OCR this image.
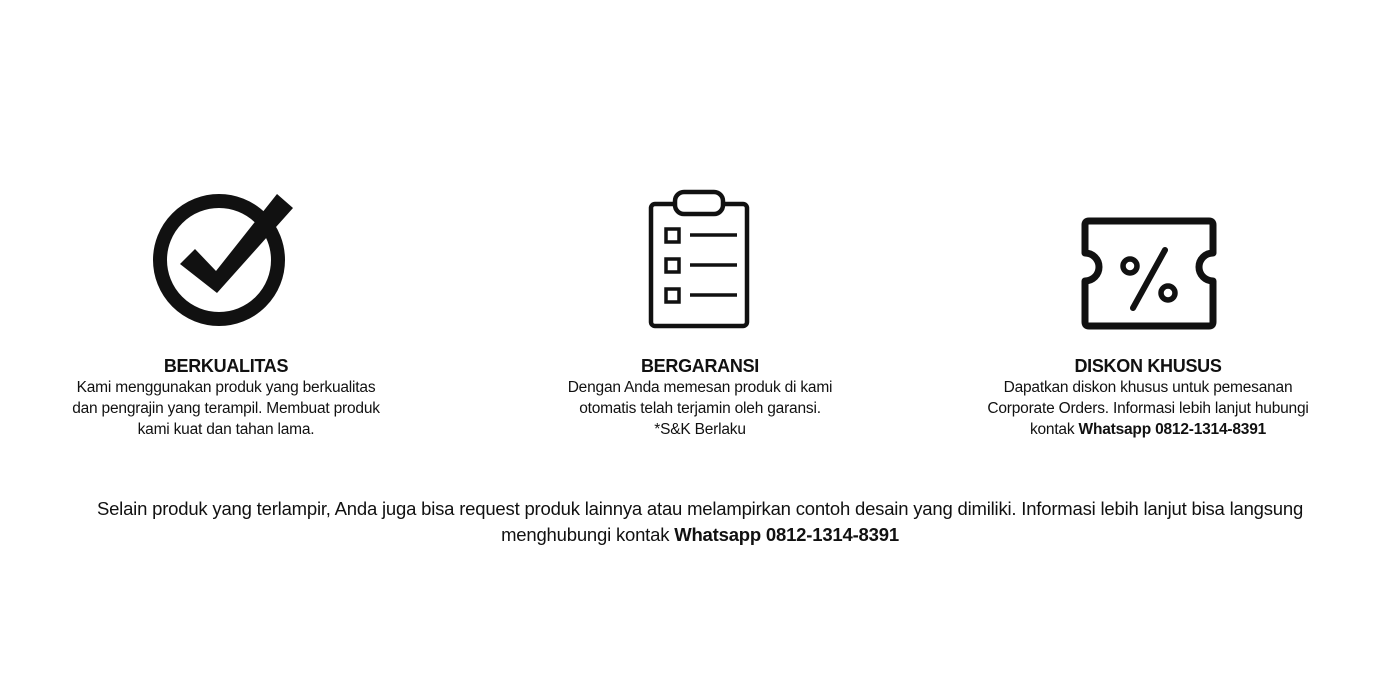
BERKUALITAS
Kami menggunakan produk yang berkualitas
dan pengrajin yang terampil. Membuat produk
kami kuat dan tahan lama.
BERGARANSI
Dengan Anda memesan produk di kami
otomatis telah terjamin oleh garansi.
*S&K Berlaku
DISKON KHUSUS
Dapatkan diskon khusus untuk pemesanan
Corporate Orders. Informasi lebih lanjut hubungi
kontak Whatsapp 0812-1314-8391
Selain produk yang terlampir, Anda juga bisa request produk lainnya atau melampirkan contoh desain yang dimiliki. Informasi lebih lanjut bisa langsung
menghubungi kontak Whatsapp 0812-1314-8391
